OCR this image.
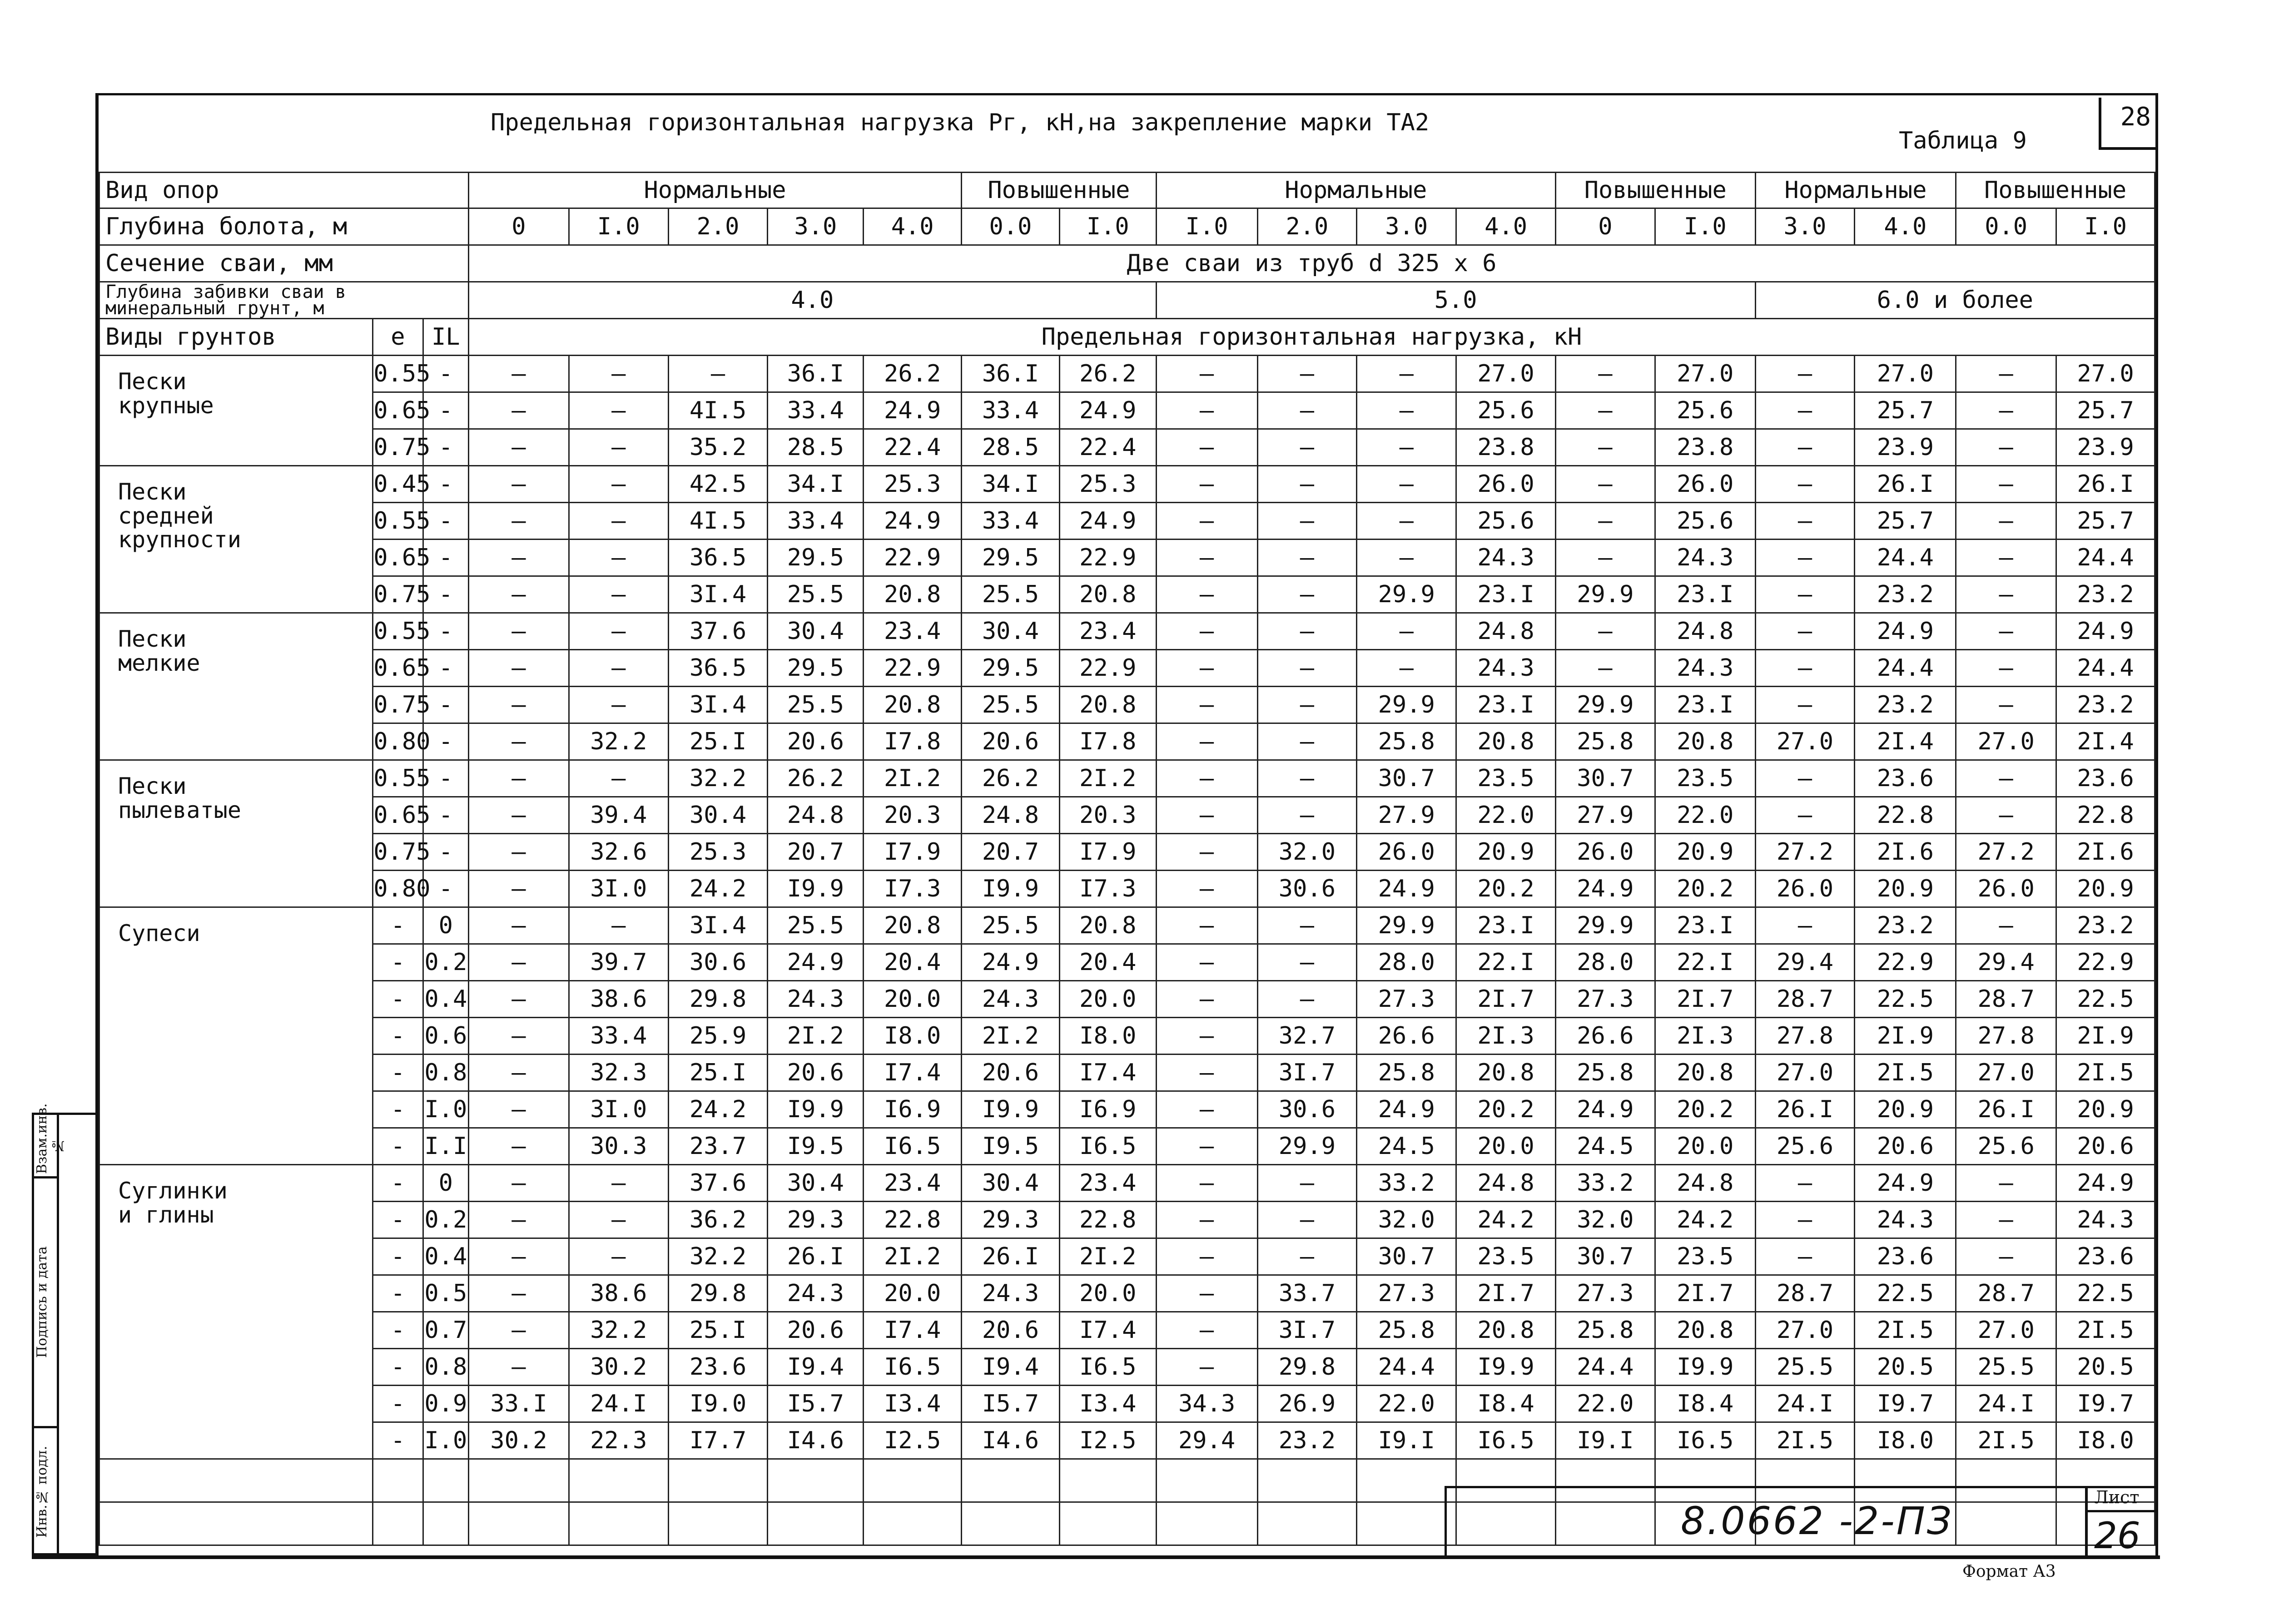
Предельная горизонтальная нагрузка Pг, кН,на закрепление марки ТА2
Таблица 9
28
Вид опор			Нормальные					Повышенные		Нормальные				Повышенные		Нормальные		Повышенные	
Глубина болота, м			0	I.0	2.0	3.0	4.0	0.0	I.0	I.0	2.0	3.0	4.0	0	I.0	3.0	4.0	0.0	I.0
Сечение сваи, мм			Две сваи из труб d 325 х 6																
Глубина забивки сваи в минеральный грунт, м			4.0							5.0						6.0 и более			
Виды грунтов	e	IL	Предельная горизонтальная нагрузка, кН																
Пески
крупные	0.55	-	–	–	–	36.I	26.2	36.I	26.2	–	–	–	27.0	–	27.0	–	27.0	–	27.0
	0.65	-	–	–	4I.5	33.4	24.9	33.4	24.9	–	–	–	25.6	–	25.6	–	25.7	–	25.7
	0.75	-	–	–	35.2	28.5	22.4	28.5	22.4	–	–	–	23.8	–	23.8	–	23.9	–	23.9
Пески
средней
крупности	0.45	-	–	–	42.5	34.I	25.3	34.I	25.3	–	–	–	26.0	–	26.0	–	26.I	–	26.I
	0.55	-	–	–	4I.5	33.4	24.9	33.4	24.9	–	–	–	25.6	–	25.6	–	25.7	–	25.7
	0.65	-	–	–	36.5	29.5	22.9	29.5	22.9	–	–	–	24.3	–	24.3	–	24.4	–	24.4
	0.75	-	–	–	3I.4	25.5	20.8	25.5	20.8	–	–	29.9	23.I	29.9	23.I	–	23.2	–	23.2
Пески
мелкие	0.55	-	–	–	37.6	30.4	23.4	30.4	23.4	–	–	–	24.8	–	24.8	–	24.9	–	24.9
	0.65	-	–	–	36.5	29.5	22.9	29.5	22.9	–	–	–	24.3	–	24.3	–	24.4	–	24.4
	0.75	-	–	–	3I.4	25.5	20.8	25.5	20.8	–	–	29.9	23.I	29.9	23.I	–	23.2	–	23.2
	0.80	-	–	32.2	25.I	20.6	I7.8	20.6	I7.8	–	–	25.8	20.8	25.8	20.8	27.0	2I.4	27.0	2I.4
Пески
пылеватые	0.55	-	–	–	32.2	26.2	2I.2	26.2	2I.2	–	–	30.7	23.5	30.7	23.5	–	23.6	–	23.6
	0.65	-	–	39.4	30.4	24.8	20.3	24.8	20.3	–	–	27.9	22.0	27.9	22.0	–	22.8	–	22.8
	0.75	-	–	32.6	25.3	20.7	I7.9	20.7	I7.9	–	32.0	26.0	20.9	26.0	20.9	27.2	2I.6	27.2	2I.6
	0.80	-	–	3I.0	24.2	I9.9	I7.3	I9.9	I7.3	–	30.6	24.9	20.2	24.9	20.2	26.0	20.9	26.0	20.9
Супеси	-	0	–	–	3I.4	25.5	20.8	25.5	20.8	–	–	29.9	23.I	29.9	23.I	–	23.2	–	23.2
	-	0.2	–	39.7	30.6	24.9	20.4	24.9	20.4	–	–	28.0	22.I	28.0	22.I	29.4	22.9	29.4	22.9
	-	0.4	–	38.6	29.8	24.3	20.0	24.3	20.0	–	–	27.3	2I.7	27.3	2I.7	28.7	22.5	28.7	22.5
	-	0.6	–	33.4	25.9	2I.2	I8.0	2I.2	I8.0	–	32.7	26.6	2I.3	26.6	2I.3	27.8	2I.9	27.8	2I.9
	-	0.8	–	32.3	25.I	20.6	I7.4	20.6	I7.4	–	3I.7	25.8	20.8	25.8	20.8	27.0	2I.5	27.0	2I.5
	-	I.0	–	3I.0	24.2	I9.9	I6.9	I9.9	I6.9	–	30.6	24.9	20.2	24.9	20.2	26.I	20.9	26.I	20.9
	-	I.I	–	30.3	23.7	I9.5	I6.5	I9.5	I6.5	–	29.9	24.5	20.0	24.5	20.0	25.6	20.6	25.6	20.6
Суглинки
и глины	-	0	–	–	37.6	30.4	23.4	30.4	23.4	–	–	33.2	24.8	33.2	24.8	–	24.9	–	24.9
	-	0.2	–	–	36.2	29.3	22.8	29.3	22.8	–	–	32.0	24.2	32.0	24.2	–	24.3	–	24.3
	-	0.4	–	–	32.2	26.I	2I.2	26.I	2I.2	–	–	30.7	23.5	30.7	23.5	–	23.6	–	23.6
	-	0.5	–	38.6	29.8	24.3	20.0	24.3	20.0	–	33.7	27.3	2I.7	27.3	2I.7	28.7	22.5	28.7	22.5
	-	0.7	–	32.2	25.I	20.6	I7.4	20.6	I7.4	–	3I.7	25.8	20.8	25.8	20.8	27.0	2I.5	27.0	2I.5
	-	0.8	–	30.2	23.6	I9.4	I6.5	I9.4	I6.5	–	29.8	24.4	I9.9	24.4	I9.9	25.5	20.5	25.5	20.5
	-	0.9	33.I	24.I	I9.0	I5.7	I3.4	I5.7	I3.4	34.3	26.9	22.0	I8.4	22.0	I8.4	24.I	I9.7	24.I	I9.7
	-	I.0	30.2	22.3	I7.7	I4.6	I2.5	I4.6	I2.5	29.4	23.2	I9.I	I6.5	I9.I	I6.5	2I.5	I8.0	2I.5	I8.0

8.0662 -2-ПЗ
Лист
26
Формат А3
Взам.инв.№
Подпись и дата
Инв.№ подл.
